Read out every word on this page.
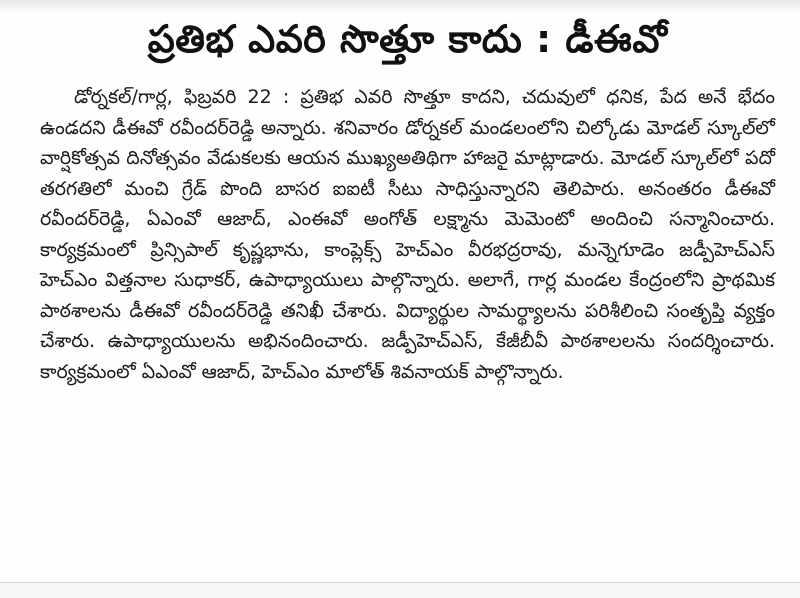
ప్రతిభ ఎవరి సొత్తూ కాదు : డీఈవో

డోర్నకల్/గార్ల, ఫిబ్రవరి 22 : ప్రతిభ ఎవరి సొత్తూ కాదని, చదువులో ధనిక, పేద అనే భేదం ఉండదని డీఈవో రవీందర్‌రెడ్డి అన్నారు. శనివారం డోర్నకల్ మండలంలోని చిల్కోడు మోడల్ స్కూల్‌లో వార్షికోత్సవ దినోత్సవం వేడుకలకు ఆయన ముఖ్యఅతిథిగా హాజరై మాట్లాడారు. మోడల్ స్కూల్‌లో పదో తరగతిలో మంచి గ్రేడ్ పొంది బాసర ఐఐటీ సీటు సాధిస్తున్నారని తెలిపారు. అనంతరం డీఈవో రవీందర్‌రెడ్డి, ఏఎంవో ఆజాద్, ఎంఈవో అంగోత్ లక్ష్మాను మెమెంటో అందించి సన్మానించారు. కార్యక్రమంలో ప్రిన్సిపాల్ కృష్ణభాను, కాంప్లెక్స్ హెచ్ఎం వీరభద్రరావు, మన్నెగూడెం జడ్పీహెచ్ఎస్ హెచ్ఎం విత్తనాల సుధాకర్, ఉపాధ్యాయులు పాల్గొన్నారు. అలాగే, గార్ల మండల కేంద్రంలోని ప్రాథమిక పాఠశాలను డీఈవో రవీందర్‌రెడ్డి తనిఖీ చేశారు. విద్యార్థుల సామర్థ్యాలను పరిశీలించి సంతృప్తి వ్యక్తం చేశారు. ఉపాధ్యాయులను అభినందించారు. జడ్పీహెచ్ఎస్, కేజీబీవీ పాఠశాలలను సందర్శించారు. కార్యక్రమంలో ఏఎంవో ఆజాద్, హెచ్ఎం మాలోత్ శివనాయక్ పాల్గొన్నారు.
